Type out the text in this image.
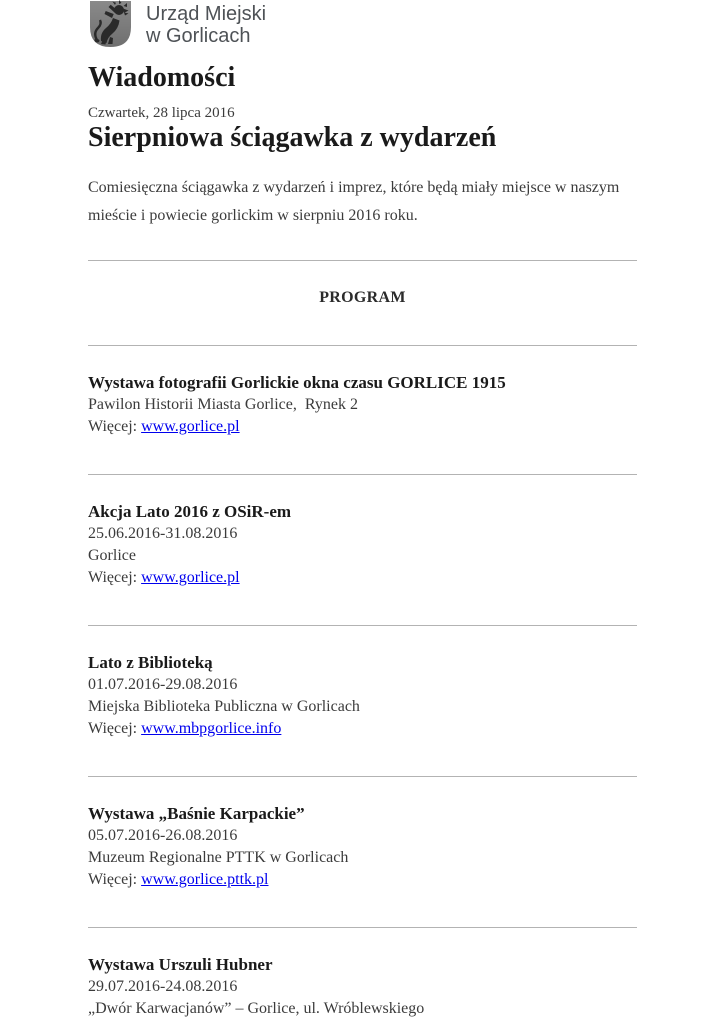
Urząd Miejski
w Gorlicach
Wiadomości

Czwartek, 28 lipca 2016

Sierpniowa ściągawka z wydarzeń

Comiesięczna ściągawka z wydarzeń i imprez, które będą miały miejsce w naszym mieście i powiecie gorlickim w sierpniu 2016 roku.

PROGRAM
Wystawa fotografii Gorlickie okna czasu GORLICE 1915

Pawilon Historii Miasta Gorlice,  Rynek 2

Więcej: www.gorlice.pl

Akcja Lato 2016 z OSiR-em

25.06.2016-31.08.2016

Gorlice

Więcej: www.gorlice.pl

Lato z Biblioteką

01.07.2016-29.08.2016

Miejska Biblioteka Publiczna w Gorlicach

Więcej: www.mbpgorlice.info

Wystawa „Baśnie Karpackie”

05.07.2016-26.08.2016

Muzeum Regionalne PTTK w Gorlicach

Więcej: www.gorlice.pttk.pl

Wystawa Urszuli Hubner

29.07.2016-24.08.2016

„Dwór Karwacjanów” – Gorlice, ul. Wróblewskiego
